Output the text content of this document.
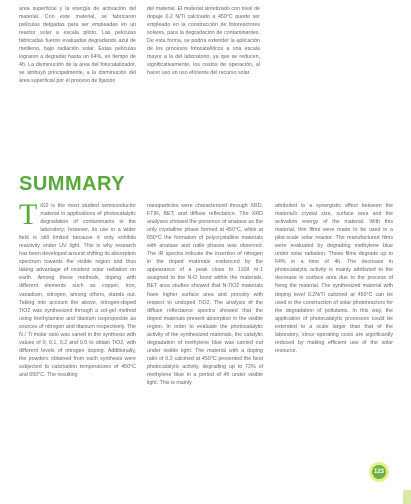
area superficial y la energía de activación del material. Con este material, se fabricaron películas delgadas para ser empleadas en un reactor solar a escala piloto. Las películas fabricadas fueron evaluadas degradando azul de metileno, bajo radiación solar. Estas películas lograron a degradar hasta un 64%, en tiempo de 4h. La disminución de la área del fotocatalizador, se atribuyó principalmente, a la disminución del área superficial por el proceso de fijación

del material. El material sintetizado con nivel de dopaje 0.2 N/Ti calcinado a 450°C puede ser empleado en la construcción de fotoreactores solares, para la degradación de contaminantes. De esta forma, se podría extender la aplicación de los procesos fotocatalíticos a una escala mayor a la del laboratorio, ya que se reducen, significativamente, los costos de operación, al hacer uso un uso eficiente del recurso solar.

SUMMARY
T iO2 is the most studied semiconductor material in applications of photocatalytic degradation of contaminants in the laboratory; however, its use in a wider field is still limited because it only exhibits reactivity under UV light. This is why research has been developed around shifting its absorption spectrum towards the visible region and thus taking advantage of incident solar radiation on earth. Among these methods, doping with different elements such as copper, iron, vanadium, nitrogen, among others, stands out. Taking into account the above, nitrogen-doped TiO2 was synthesized through a sol-gel method using triethylamine and titanium isopropoxide as sources of nitrogen and titanium respectively. The N / Ti molar ratio was varied in the synthesis with values of 0, 0.1, 0.2 and 0.5 to obtain TiO2, with different levels of nitrogen doping. Additionally, the powders obtained from each synthesis were subjected to calcination temperatures of 450°C and 650°C. The resulting

nanoparticles were characterized through XRD, FTIR, BET, and diffuse reflectance. The XRD analyses showed the presence of anatase as the only crystalline phase formed at 450°C, while at 650°C the formation of polycrystalline materials with anatase and rutile phases was observed. The IR spectra indicate the insertion of nitrogen in the doped materials evidenced by the appearance of a peak close to 1108 m-1 assigned to the N-O bond within the materials. BET area studies showed that N-TiO2 materials have higher surface area and porosity with respect to undoped TiO2. The analysis of the diffuse reflectance spectra showed that the doped materials present absorption in the visible region. In order to evaluate the photocatalytic activity of the synthesized materials, the catalytic degradation of methylene blue was carried out under visible light. The material with a doping ratio of 0.2 calcined at 450°C presented the best photocatalytic activity, degrading up to 72% of methylene blue in a period of 4h under visible light. This is mainly

attributed to a synergistic effect between the material's crystal size, surface area and the activation energy of the material. With this material, thin films were made to be used in a pilot-scale solar reactor. The manufactured films were evaluated by degrading methylene blue under solar radiation. These films degrade up to 64% in a time of 4h. The decrease in photocatalytic activity is mainly attributed to the decrease in surface area due to the process of fixing the material. The synthesized material with doping level 0.2N/Ti calcined at 450°C can be used in the construction of solar photoreactors for the degradation of pollutants. In this way, the application of photocatalytic processes could be extended to a scale larger than that of the laboratory, since operating costs are significantly reduced by making efficient use of the solar resource.

123
